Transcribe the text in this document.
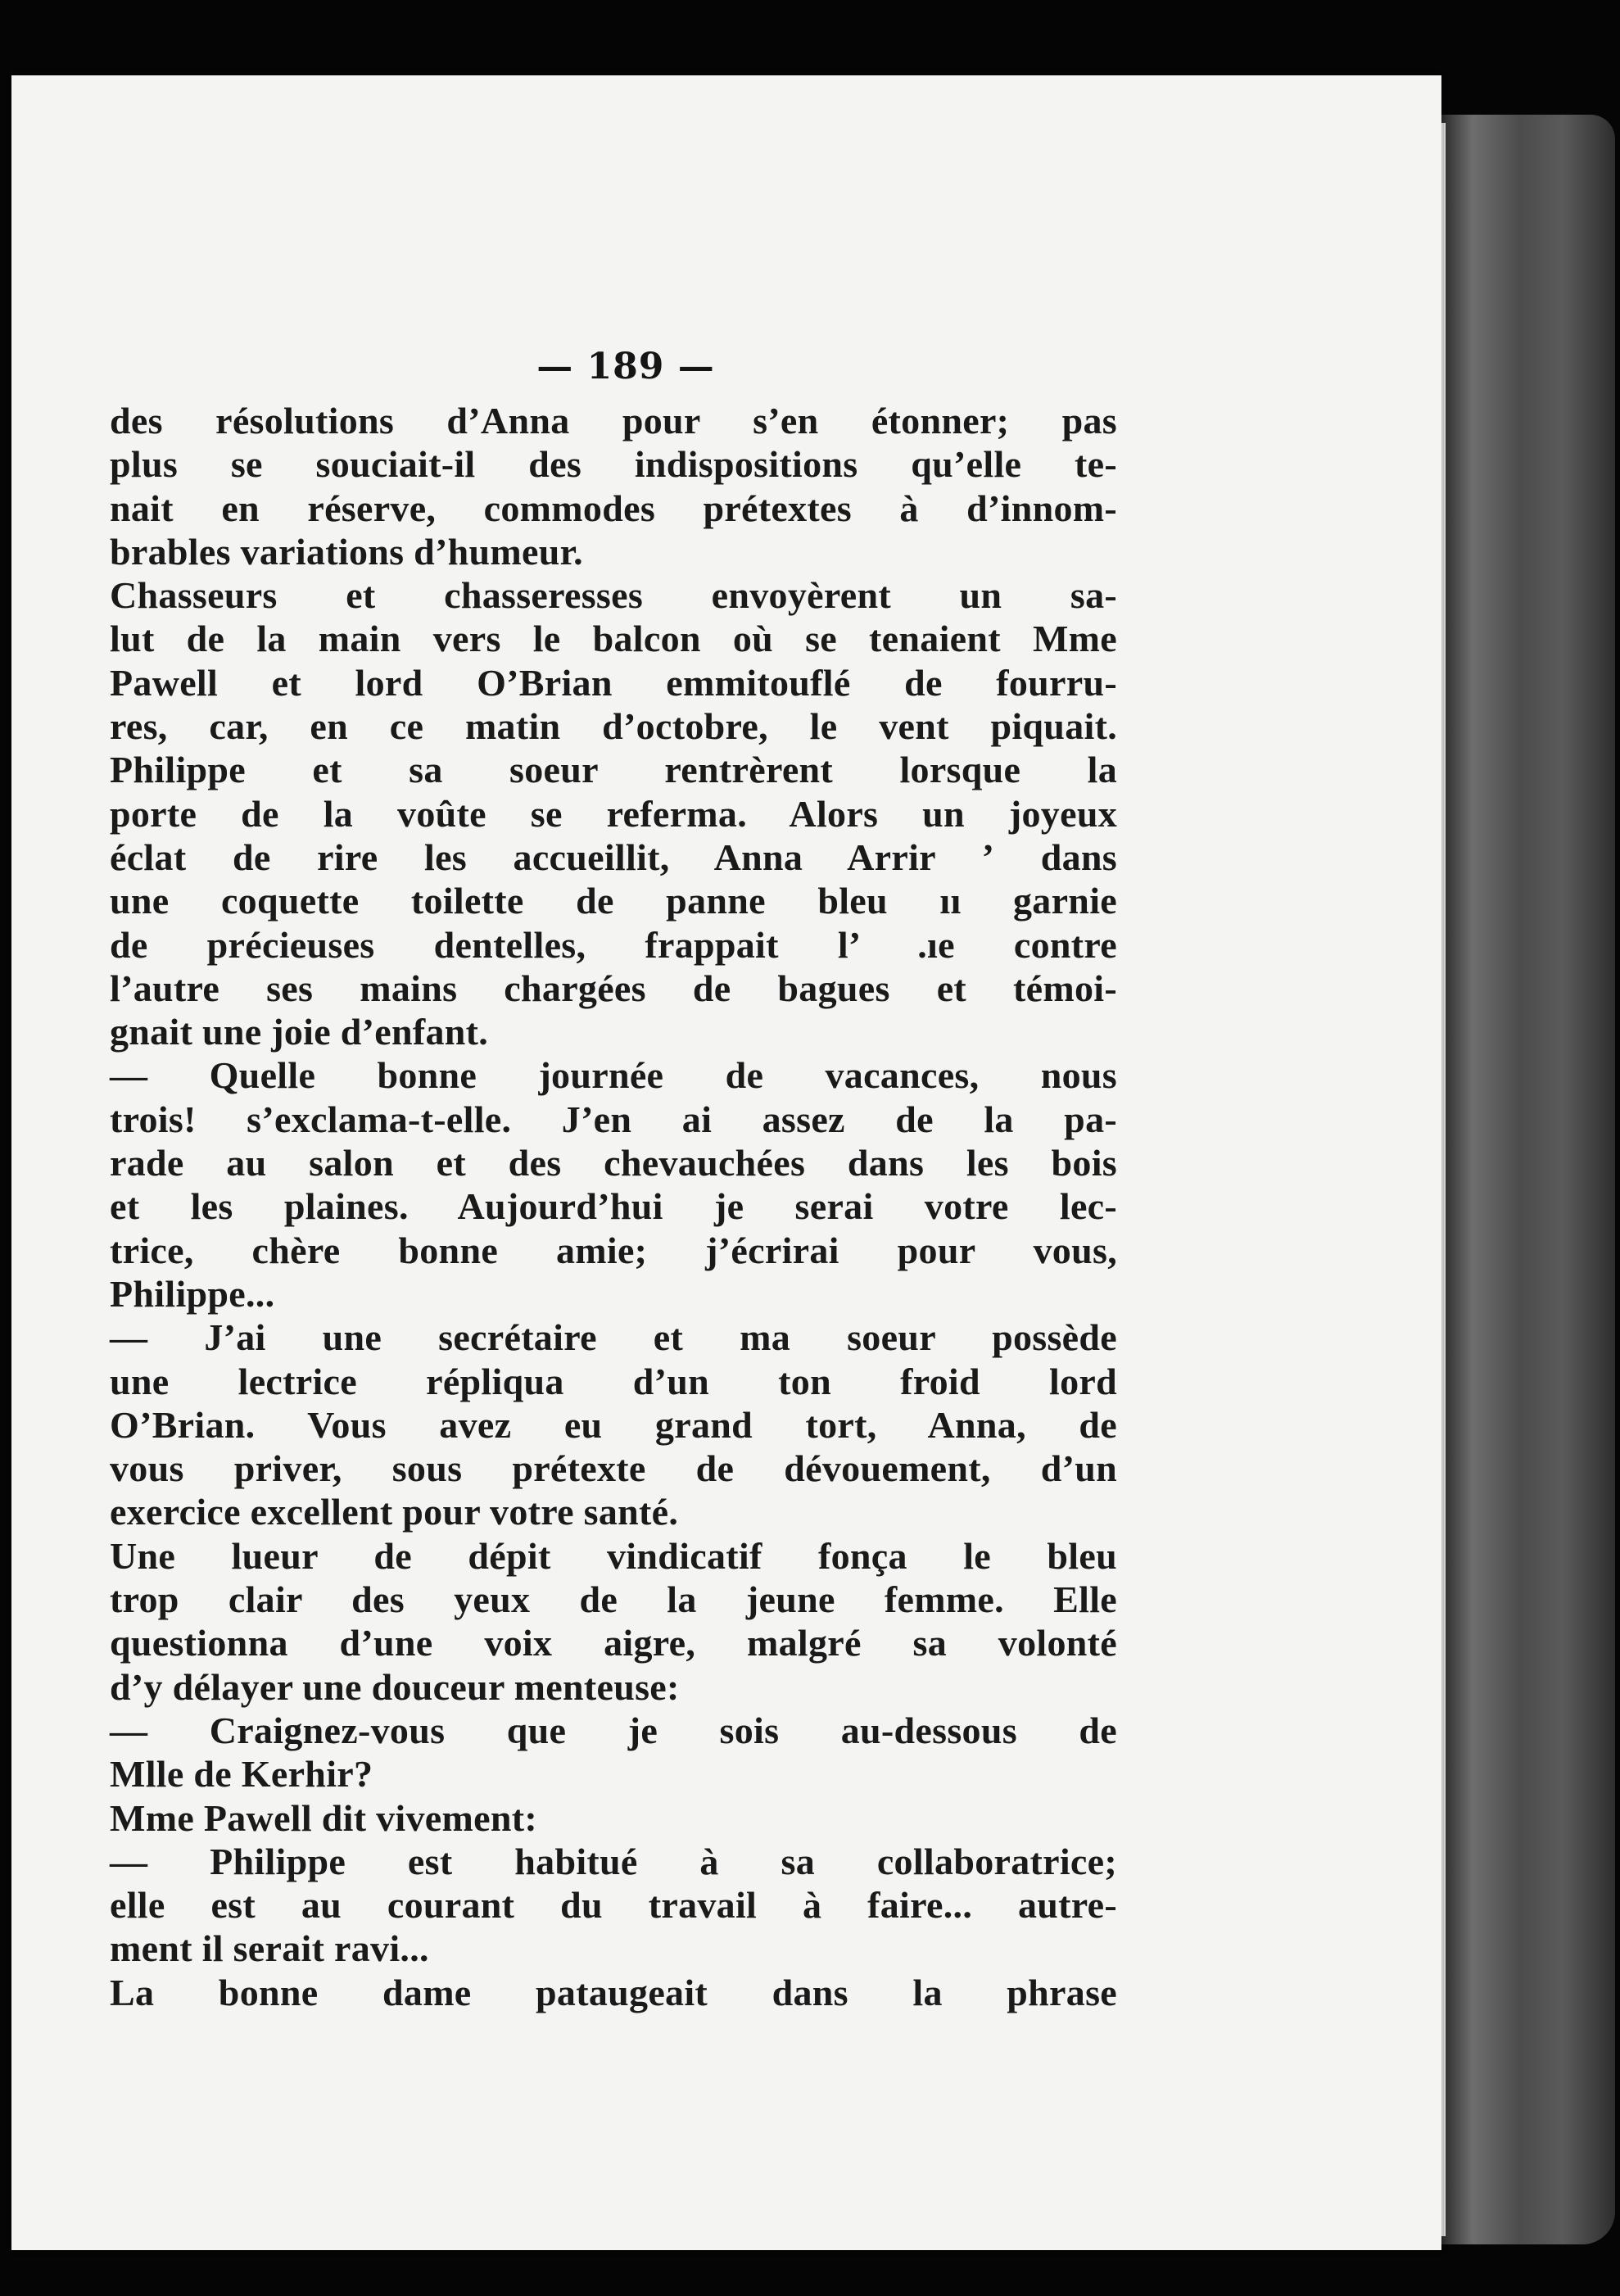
— 189 —
des résolutions d’Anna pour s’en étonner; pas
plus se souciait-il des indispositions qu’elle te-
nait en réserve, commodes prétextes à d’innom-
brables variations d’humeur.
Chasseurs et chasseresses envoyèrent un sa-
lut de la main vers le balcon où se tenaient Mme
Pawell et lord O’Brian emmitouflé de fourru-
res, car, en ce matin d’octobre, le vent piquait.
Philippe et sa soeur rentrèrent lorsque la
porte de la voûte se referma. Alors un joyeux
éclat de rire les accueillit, Anna Arrir ʼ dans
une coquette toilette de panne bleu ıı garnie
de précieuses dentelles, frappait l’ .ıe contre
l’autre ses mains chargées de bagues et témoi-
gnait une joie d’enfant.
— Quelle bonne journée de vacances, nous
trois! s’exclama-t-elle. J’en ai assez de la pa-
rade au salon et des chevauchées dans les bois
et les plaines. Aujourd’hui je serai votre lec-
trice, chère bonne amie; j’écrirai pour vous,
Philippe...
— J’ai une secrétaire et ma soeur possède
une lectrice répliqua d’un ton froid lord
O’Brian. Vous avez eu grand tort, Anna, de
vous priver, sous prétexte de dévouement, d’un
exercice excellent pour votre santé.
Une lueur de dépit vindicatif fonça le bleu
trop clair des yeux de la jeune femme. Elle
questionna d’une voix aigre, malgré sa volonté
d’y délayer une douceur menteuse:
— Craignez-vous que je sois au-dessous de
Mlle de Kerhir?
Mme Pawell dit vivement:
— Philippe est habitué à sa collaboratrice;
elle est au courant du travail à faire... autre-
ment il serait ravi...
La bonne dame pataugeait dans la phrase
